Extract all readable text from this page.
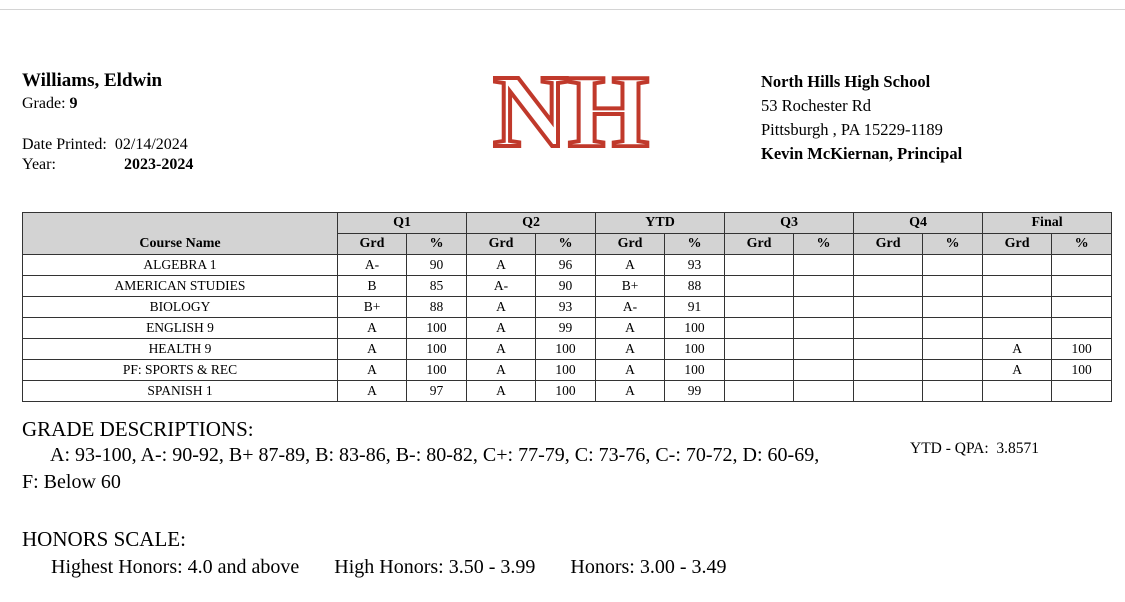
Williams, Eldwin
Grade: 9
Date Printed: 02/14/2024
Year:	2023-2024	NH	North Hills High School
53 Rochester Rd
Pittsburgh , PA 15229-1189
Kevin McKiernan, Principal
Course Name	Q1		Q2		YTD		Q3		Q4		Final	
	Grd	%	Grd	%	Grd	%	Grd	%	Grd	%	Grd	%
ALGEBRA 1	A-	90	A	96	A	93						
AMERICAN STUDIES	B	85	A-	90	B+	88						
BIOLOGY	B+	88	A	93	A-	91						
ENGLISH 9	A	100	A	99	A	100						
HEALTH 9	A	100	A	100	A	100					A	100
PF: SPORTS & REC	A	100	A	100	A	100					A	100
SPANISH 1	A	97	A	100	A	99						
GRADE DESCRIPTIONS:
A: 93-100, A-: 90-92, B+ 87-89, B: 83-86, B-: 80-82, C+: 77-79, C: 73-76, C-: 70-72, D: 60-69, F: Below 60
YTD - QPA: 3.8571
HONORS SCALE:
Highest Honors: 4.0 and above High Honors: 3.50 - 3.99 Honors: 3.00 - 3.49
